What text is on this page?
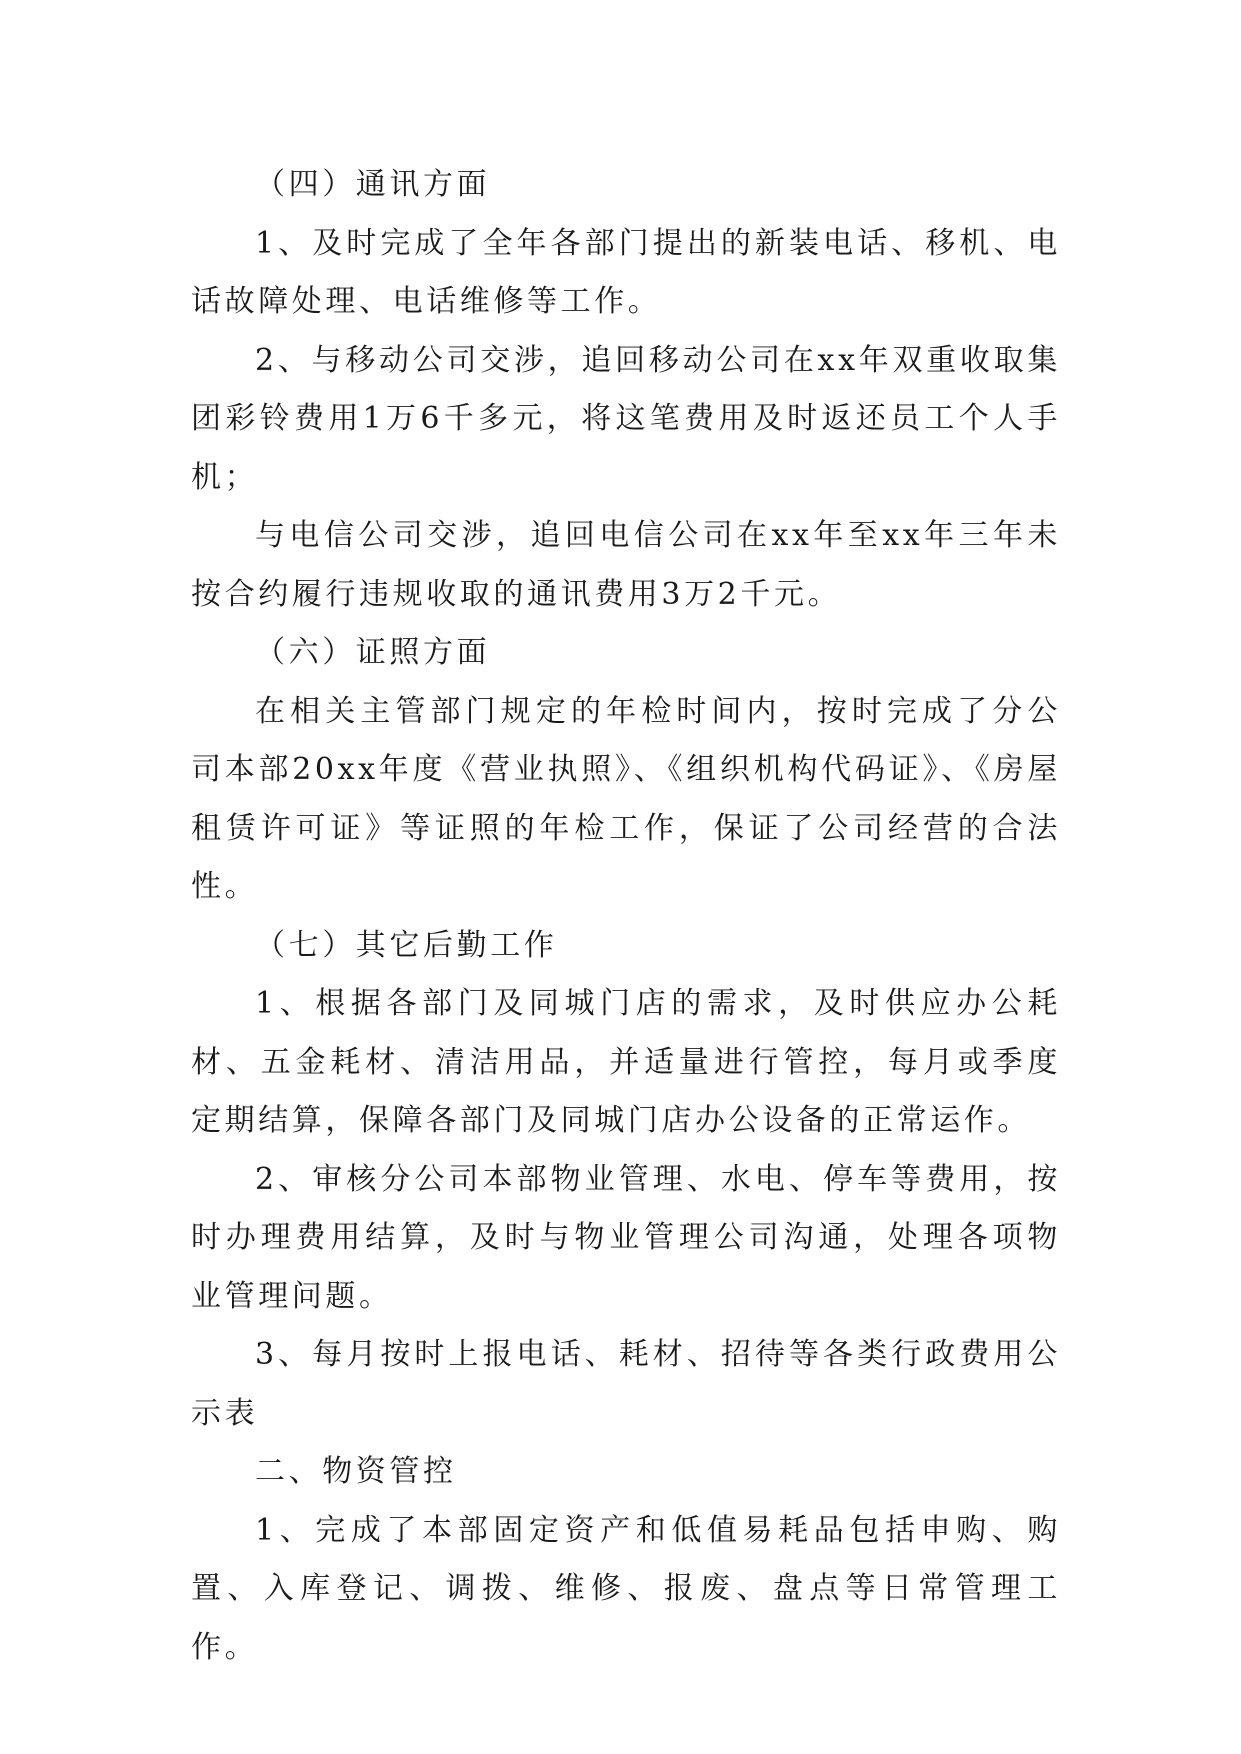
（四）通讯方面

1、及时完成了全年各部门提出的新装电话、移机、电话故障处理、电话维修等工作。

2、与移动公司交涉，追回移动公司在xx年双重收取集团彩铃费用1万6千多元，将这笔费用及时返还员工个人手机；

与电信公司交涉，追回电信公司在xx年至xx年三年未按合约履行违规收取的通讯费用3万2千元。

（六）证照方面

在相关主管部门规定的年检时间内，按时完成了分公司本部20xx年度《营业执照》、《组织机构代码证》、《房屋租赁许可证》等证照的年检工作，保证了公司经营的合法性。

（七）其它后勤工作

1、根据各部门及同城门店的需求，及时供应办公耗材、五金耗材、清洁用品，并适量进行管控，每月或季度定期结算，保障各部门及同城门店办公设备的正常运作。

2、审核分公司本部物业管理、水电、停车等费用，按时办理费用结算，及时与物业管理公司沟通，处理各项物业管理问题。

3、每月按时上报电话、耗材、招待等各类行政费用公示表

二、物资管控

1、完成了本部固定资产和低值易耗品包括申购、购置、入库登记、调拨、维修、报废、盘点等日常管理工作。
